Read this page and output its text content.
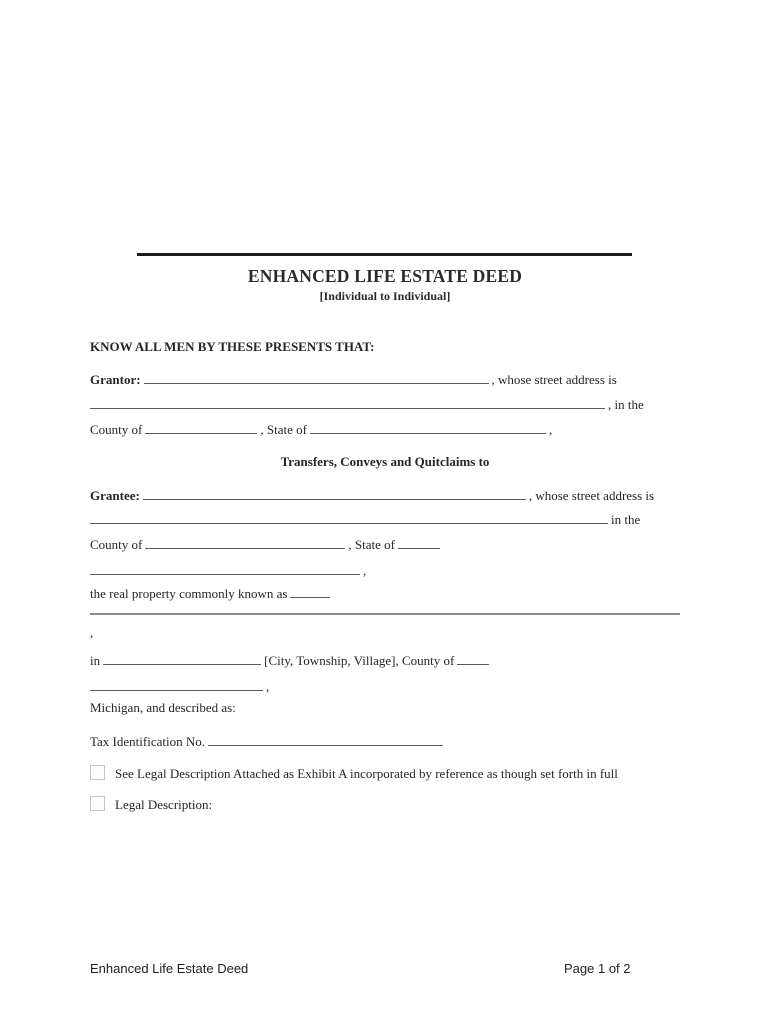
ENHANCED LIFE ESTATE DEED
[Individual to Individual]
KNOW ALL MEN BY THESE PRESENTS THAT:
Grantor:	, whose street address is
, in the
County of	, State of	,
Transfers, Conveys and Quitclaims to
Grantee:	, whose street address is
in the
County of	, State of
,
the real property commonly known as
,
in	[City, Township, Village], County of
,
Michigan, and described as:
Tax Identification No.
See Legal Description Attached as Exhibit A incorporated by reference as though set forth in full
Legal Description:
Enhanced Life Estate Deed	Page 1 of 2
